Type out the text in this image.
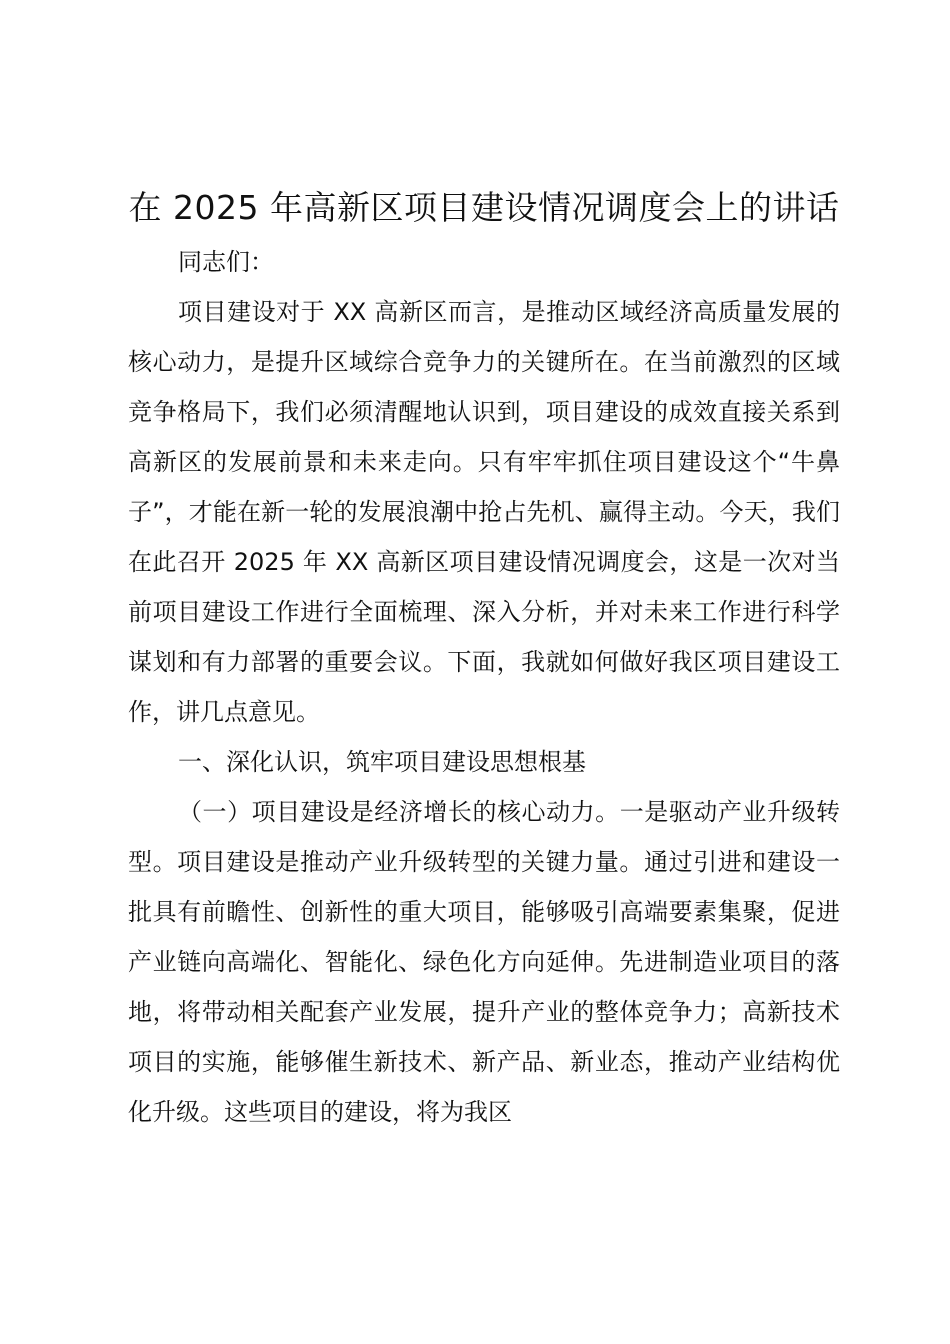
在 2025 年高新区项目建设情况调度会上的讲话

同志们：

项目建设对于 XX 高新区而言，是推动区域经济高质量发展的核心动力，是提升区域综合竞争力的关键所在。在当前激烈的区域竞争格局下，我们必须清醒地认识到，项目建设的成效直接关系到高新区的发展前景和未来走向。只有牢牢抓住项目建设这个“牛鼻子”，才能在新一轮的发展浪潮中抢占先机、赢得主动。今天，我们在此召开 2025 年 XX 高新区项目建设情况调度会，这是一次对当前项目建设工作进行全面梳理、深入分析，并对未来工作进行科学谋划和有力部署的重要会议。下面，我就如何做好我区项目建设工作，讲几点意见。

一、深化认识，筑牢项目建设思想根基

（一）项目建设是经济增长的核心动力。一是驱动产业升级转型。项目建设是推动产业升级转型的关键力量。通过引进和建设一批具有前瞻性、创新性的重大项目，能够吸引高端要素集聚，促进产业链向高端化、智能化、绿色化方向延伸。先进制造业项目的落地，将带动相关配套产业发展，提升产业的整体竞争力；高新技术项目的实施，能够催生新技术、新产品、新业态，推动产业结构优化升级。这些项目的建设，将为我区
